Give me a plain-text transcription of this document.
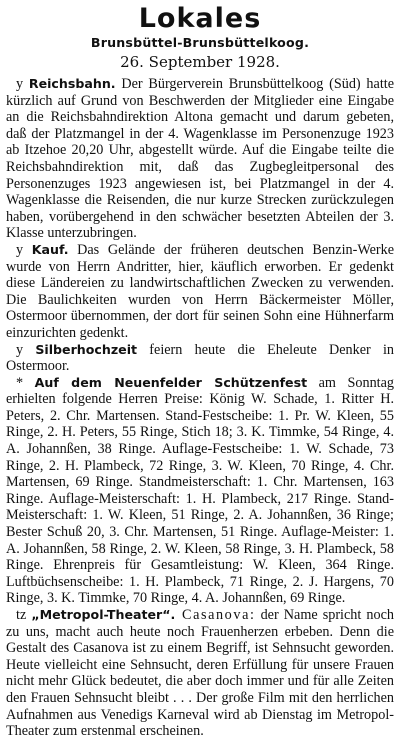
Lokales
Brunsbüttel-Brunsbüttelkoog.
26. September 1928.

y Reichsbahn. Der Bürgerverein Brunsbüttelkoog (Süd) hatte kürzlich auf Grund von Beschwerden der Mitglieder eine Eingabe an die Reichsbahndirektion Altona gemacht und darum gebeten, daß der Platzmangel in der 4. Wagenklasse im Personenzuge 1923 ab Itzehoe 20,20 Uhr, abgestellt würde. Auf die Eingabe teilte die Reichsbahndirektion mit, daß das Zugbegleitpersonal des Personenzuges 1923 angewiesen ist, bei Platzmangel in der 4. Wagenklasse die Reisenden, die nur kurze Strecken zurückzulegen haben, vorübergehend in den schwächer besetzten Abteilen der 3. Klasse unterzubringen.

y Kauf. Das Gelände der früheren deutschen Benzin-Werke wurde von Herrn Andritter, hier, käuflich erworben. Er gedenkt diese Ländereien zu landwirtschaftlichen Zwecken zu verwenden. Die Baulichkeiten wurden von Herrn Bäckermeister Möller, Ostermoor übernommen, der dort für seinen Sohn eine Hühnerfarm einzurichten gedenkt.

y Silberhochzeit feiern heute die Eheleute Denker in Ostermoor.

* Auf dem Neuenfelder Schützenfest am Sonntag erhielten folgende Herren Preise: König W. Schade, 1. Ritter H. Peters, 2. Chr. Martensen. Stand-Festscheibe: 1. Pr. W. Kleen, 55 Ringe, 2. H. Peters, 55 Ringe, Stich 18; 3. K. Timmke, 54 Ringe, 4. A. Johannßen, 38 Ringe. Auflage-Festscheibe: 1. W. Schade, 73 Ringe, 2. H. Plambeck, 72 Ringe, 3. W. Kleen, 70 Ringe, 4. Chr. Martensen, 69 Ringe. Standmeisterschaft: 1. Chr. Martensen, 163 Ringe. Auflage-Meisterschaft: 1. H. Plambeck, 217 Ringe. Stand-Meisterschaft: 1. W. Kleen, 51 Ringe, 2. A. Johannßen, 36 Ringe; Bester Schuß 20, 3. Chr. Martensen, 51 Ringe. Auflage-Meister: 1. A. Johannßen, 58 Ringe, 2. W. Kleen, 58 Ringe, 3. H. Plambeck, 58 Ringe. Ehrenpreis für Gesamtleistung: W. Kleen, 364 Ringe. Luftbüchsenscheibe: 1. H. Plambeck, 71 Ringe, 2. J. Hargens, 70 Ringe, 3. K. Timmke, 70 Ringe, 4. A. Johannßen, 69 Ringe.

tz „Metropol-Theater“. Casanova: der Name spricht noch zu uns, macht auch heute noch Frauenherzen erbeben. Denn die Gestalt des Casanova ist zu einem Begriff, ist Sehnsucht geworden. Heute vielleicht eine Sehnsucht, deren Erfüllung für unsere Frauen nicht mehr Glück bedeutet, die aber doch immer und für alle Zeiten den Frauen Sehnsucht bleibt . . . Der große Film mit den herrlichen Aufnahmen aus Venedigs Karneval wird ab Dienstag im Metropol-Theater zum erstenmal erscheinen.
